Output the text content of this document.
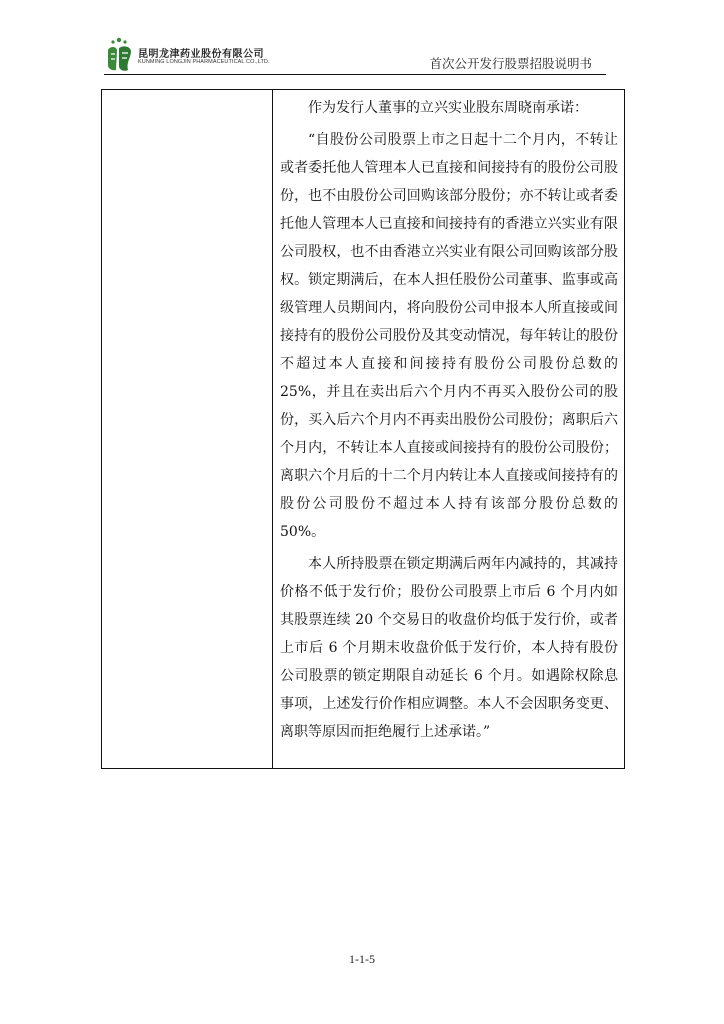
昆明龙津药业股份有限公司
KUNMING LONGJIN PHARMACEUTICAL CO.,LTD.	首次公开发行股票招股说明书

作为发行人董事的立兴实业股东周晓南承诺：

“自股份公司股票上市之日起十二个月内，不转让或者委托他人管理本人已直接和间接持有的股份公司股份，也不由股份公司回购该部分股份；亦不转让或者委托他人管理本人已直接和间接持有的香港立兴实业有限公司股权，也不由香港立兴实业有限公司回购该部分股权。锁定期满后，在本人担任股份公司董事、监事或高级管理人员期间内，将向股份公司申报本人所直接或间接持有的股份公司股份及其变动情况，每年转让的股份不超过本人直接和间接持有股份公司股份总数的 25%，并且在卖出后六个月内不再买入股份公司的股份，买入后六个月内不再卖出股份公司股份；离职后六个月内，不转让本人直接或间接持有的股份公司股份；离职六个月后的十二个月内转让本人直接或间接持有的股份公司股份不超过本人持有该部分股份总数的 50%。

本人所持股票在锁定期满后两年内减持的，其减持价格不低于发行价；股份公司股票上市后 6 个月内如其股票连续 20 个交易日的收盘价均低于发行价，或者上市后 6 个月期末收盘价低于发行价，本人持有股份公司股票的锁定期限自动延长 6 个月。如遇除权除息事项，上述发行价作相应调整。本人不会因职务变更、离职等原因而拒绝履行上述承诺。”

1-1-5
